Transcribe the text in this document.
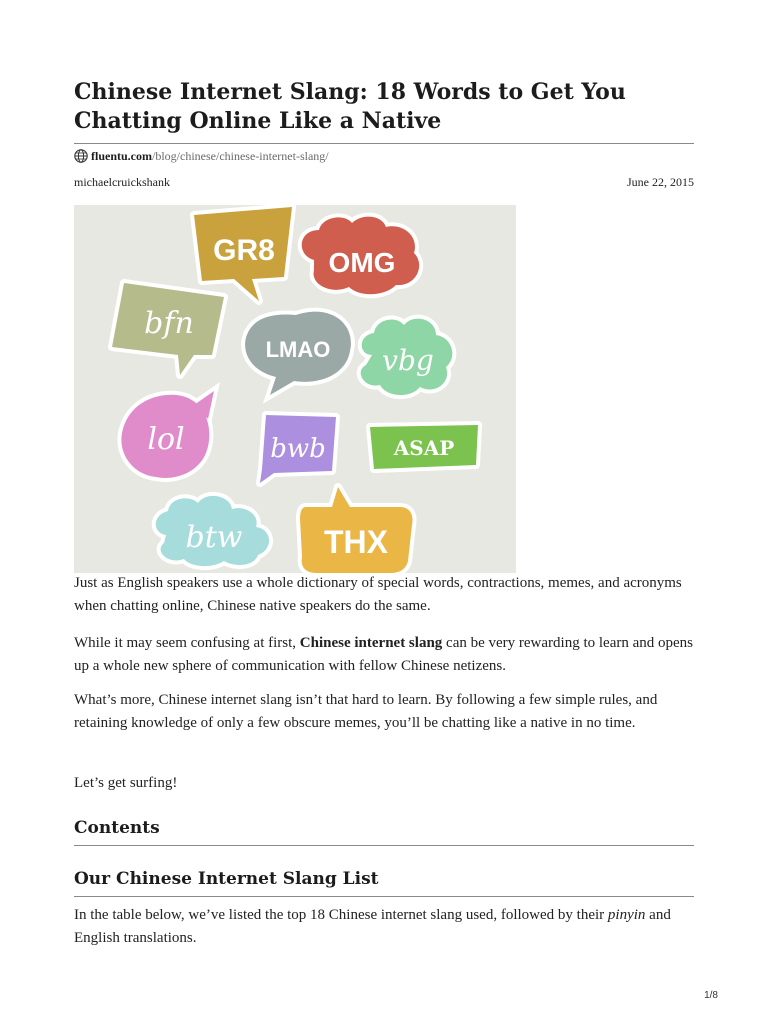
Chinese Internet Slang: 18 Words to Get You Chatting Online Like a Native
fluentu.com /blog/chinese/chinese-internet-slang/
michaelcruickshank	June 22, 2015
GR8 OMG
bfn
LMAO vbg
lol	bwb	ASAP
btw	THX

Just as English speakers use a whole dictionary of special words, contractions, memes, and acronyms when chatting online, Chinese native speakers do the same.

While it may seem confusing at first, Chinese internet slang can be very rewarding to learn and opens up a whole new sphere of communication with fellow Chinese netizens.

What’s more, Chinese internet slang isn’t that hard to learn. By following a few simple rules, and retaining knowledge of only a few obscure memes, you’ll be chatting like a native in no time.

Let’s get surfing!

Contents
Our Chinese Internet Slang List

In the table below, we’ve listed the top 18 Chinese internet slang used, followed by their pinyin and English translations.

1/8
